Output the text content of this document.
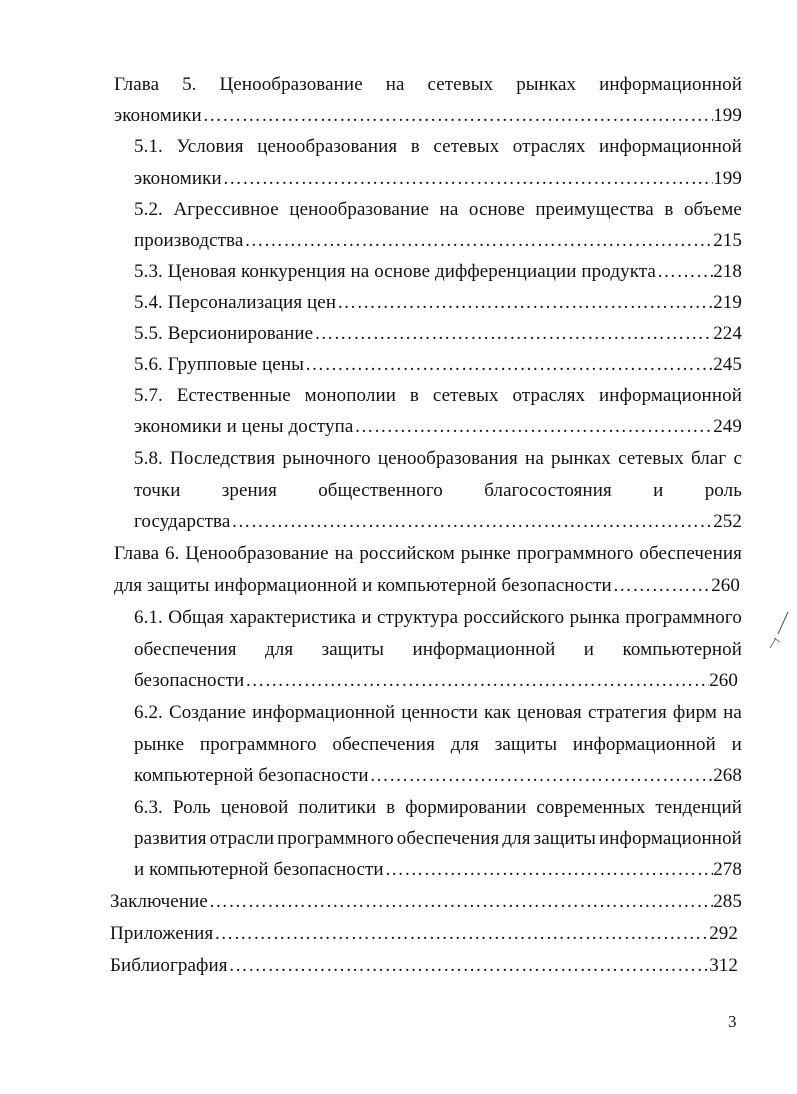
Глава 5. Ценообразование на сетевых рынках информационной
экономики ……………………………………………………………………………………………………………………………………………………………………	199
5.1. Условия ценообразования в сетевых отраслях информационной
экономики ……………………………………………………………………………………………………………………………………………………………………	199
5.2. Агрессивное ценообразование на основе преимущества в объеме
производства ……………………………………………………………………………………………………………………………………………………………………	215
5.3. Ценовая конкуренция на основе дифференциации продукта ……………………………………………………………………………………………………………………………………………………………………	218
5.4. Персонализация цен ……………………………………………………………………………………………………………………………………………………………………	219
5.5. Версионирование ……………………………………………………………………………………………………………………………………………………………………	224
5.6. Групповые цены ……………………………………………………………………………………………………………………………………………………………………	245
5.7. Естественные монополии в сетевых отраслях информационной
экономики и цены доступа ……………………………………………………………………………………………………………………………………………………………………	249
5.8. Последствия рыночного ценообразования на рынках сетевых благ с
точки зрения общественного благосостояния и роль
государства ……………………………………………………………………………………………………………………………………………………………………	252
Глава 6. Ценообразование на российском рынке программного обеспечения
для защиты информационной и компьютерной безопасности ……………………………………………………………………………………………………………………………………………………………………	260
6.1. Общая характеристика и структура российского рынка программного
обеспечения для защиты информационной и компьютерной
безопасности ……………………………………………………………………………………………………………………………………………………………………	260
6.2. Создание информационной ценности как ценовая стратегия фирм на
рынке программного обеспечения для защиты информационной и
компьютерной безопасности ……………………………………………………………………………………………………………………………………………………………………	268
6.3. Роль ценовой политики в формировании современных тенденций
развития отрасли программного обеспечения для защиты информационной
и компьютерной безопасности ……………………………………………………………………………………………………………………………………………………………………	278
Заключение ……………………………………………………………………………………………………………………………………………………………………	285
Приложения ……………………………………………………………………………………………………………………………………………………………………	292
Библиография ……………………………………………………………………………………………………………………………………………………………………	312
3
